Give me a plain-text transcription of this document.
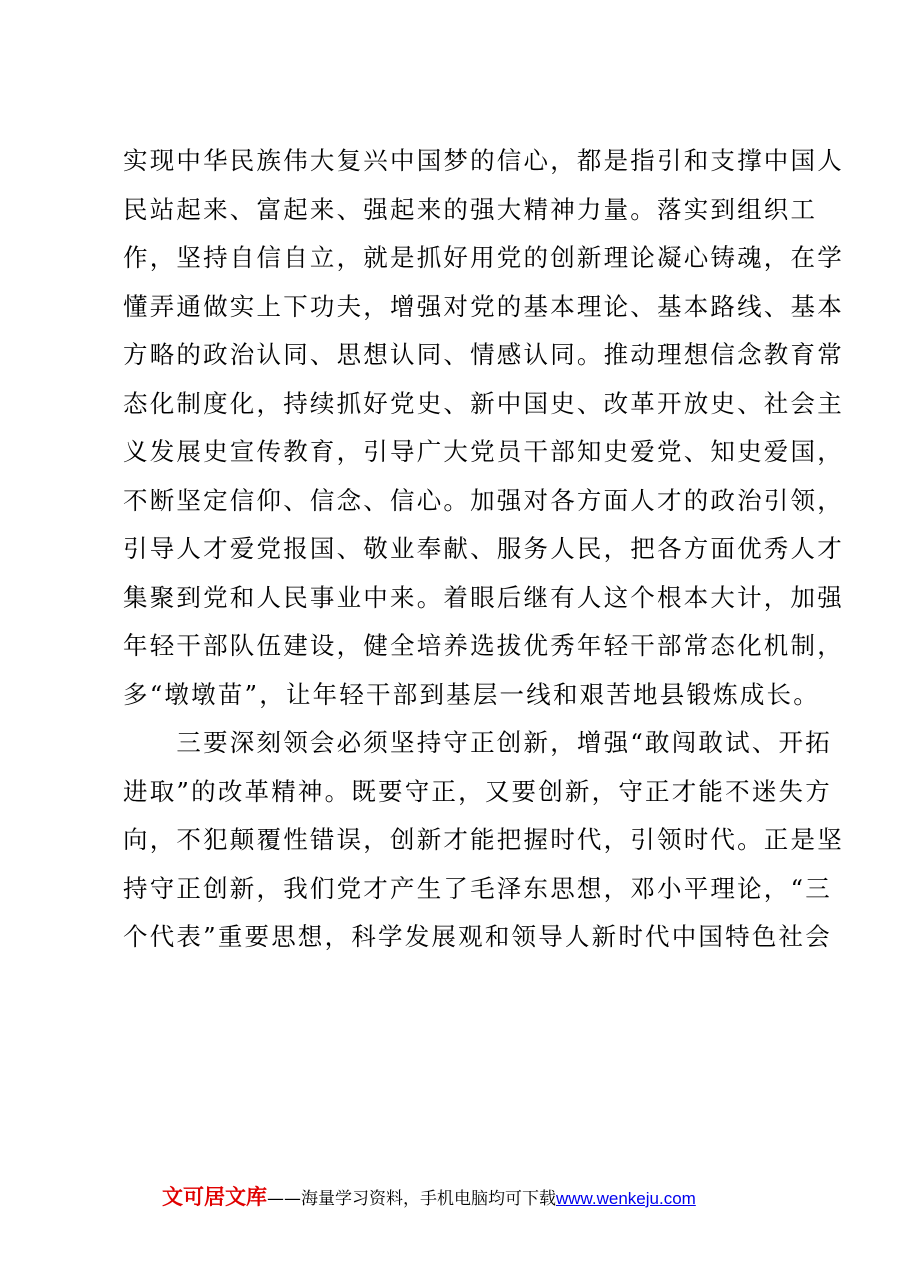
实现中华民族伟大复兴中国梦的信心，都是指引和支撑中国人
民站起来、富起来、强起来的强大精神力量。落实到组织工
作，坚持自信自立，就是抓好用党的创新理论凝心铸魂，在学
懂弄通做实上下功夫，增强对党的基本理论、基本路线、基本
方略的政治认同、思想认同、情感认同。推动理想信念教育常
态化制度化，持续抓好党史、新中国史、改革开放史、社会主
义发展史宣传教育，引导广大党员干部知史爱党、知史爱国，
不断坚定信仰、信念、信心。加强对各方面人才的政治引领，
引导人才爱党报国、敬业奉献、服务人民，把各方面优秀人才
集聚到党和人民事业中来。着眼后继有人这个根本大计，加强
年轻干部队伍建设，健全培养选拔优秀年轻干部常态化机制，
多“墩墩苗”，让年轻干部到基层一线和艰苦地县锻炼成长。
　　三要深刻领会必须坚持守正创新，增强“敢闯敢试、开拓
进取”的改革精神。既要守正，又要创新，守正才能不迷失方
向，不犯颠覆性错误，创新才能把握时代，引领时代。正是坚
持守正创新，我们党才产生了毛泽东思想，邓小平理论，“三
个代表”重要思想，科学发展观和领导人新时代中国特色社会
文可居文库——海量学习资料，手机电脑均可下载www.wenkeju.com
